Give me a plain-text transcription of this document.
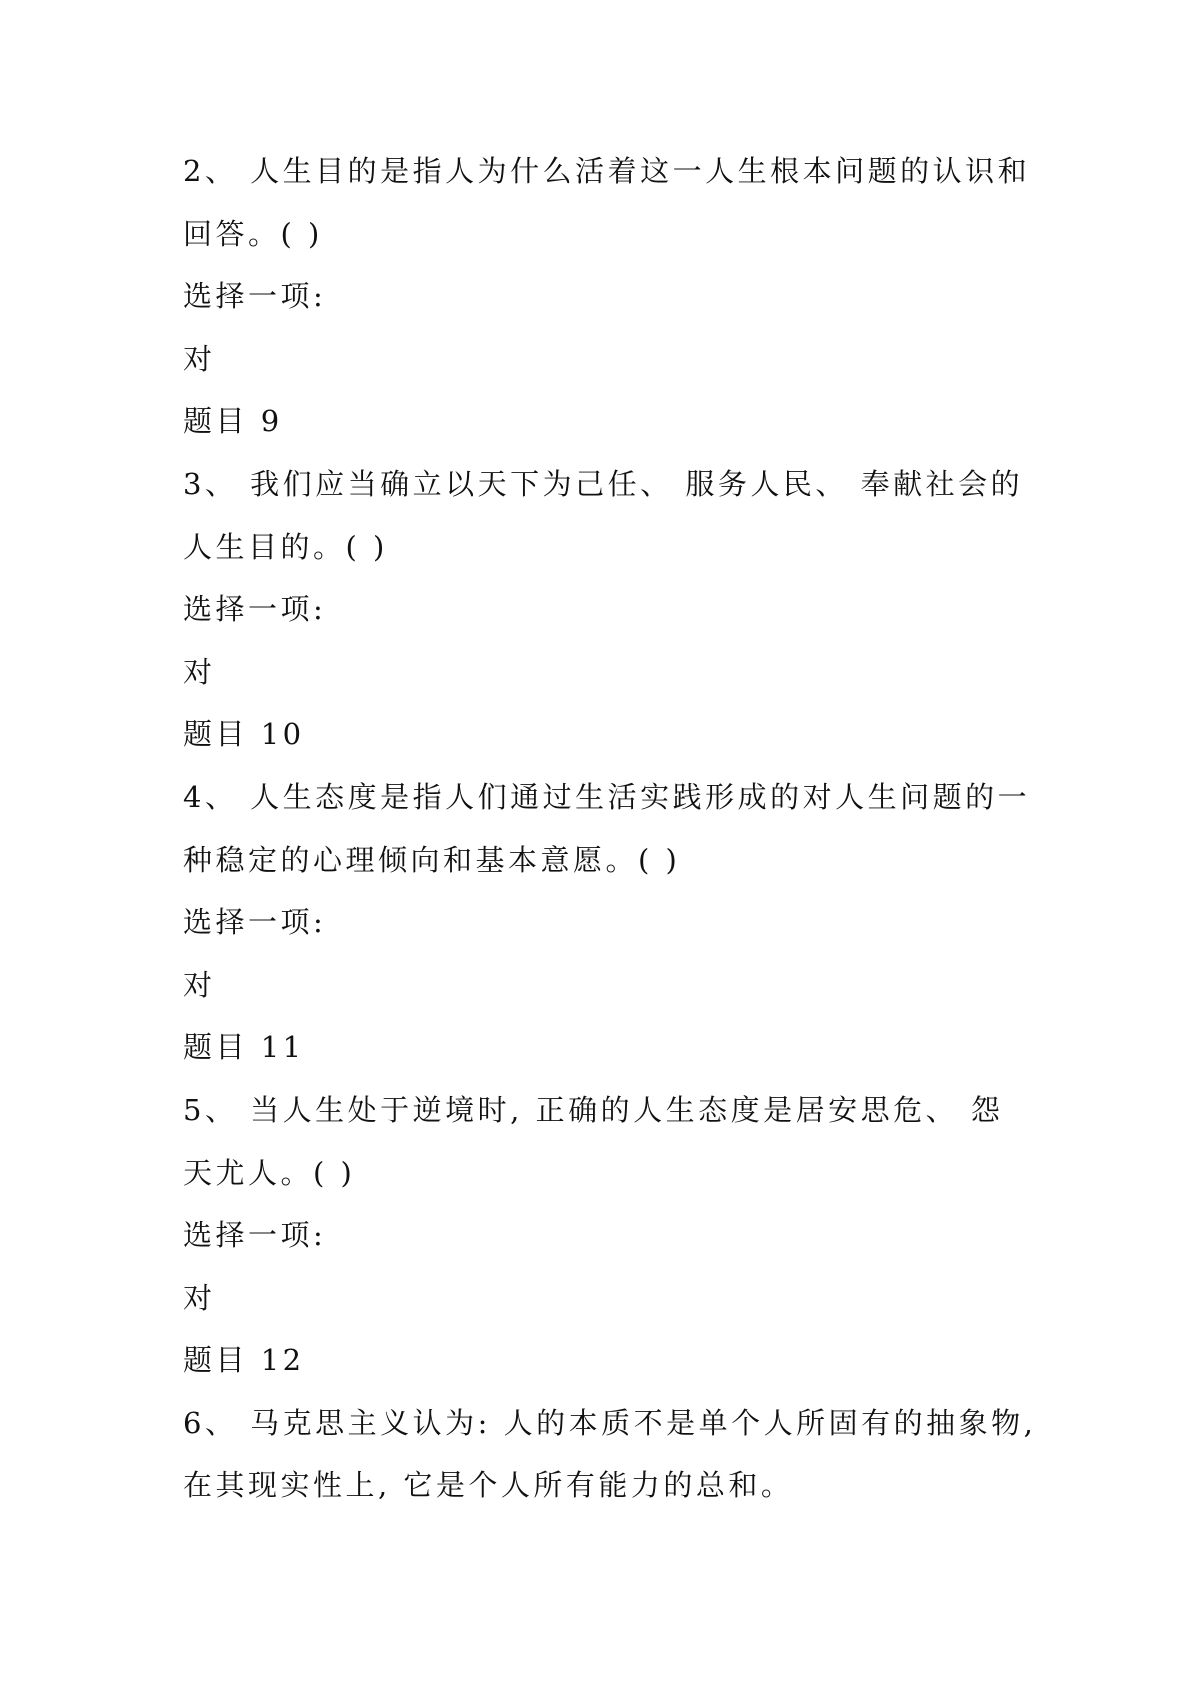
2、 人生目的是指人为什么活着这一人生根本问题的认识和
回答。( )
选择一项:
对
题目 9
3、 我们应当确立以天下为己任、 服务人民、 奉献社会的
人生目的。( )
选择一项:
对
题目 10
4、 人生态度是指人们通过生活实践形成的对人生问题的一
种稳定的心理倾向和基本意愿。( )
选择一项:
对
题目 11
5、 当人生处于逆境时, 正确的人生态度是居安思危、 怨
天尤人。( )
选择一项:
对
题目 12
6、 马克思主义认为: 人的本质不是单个人所固有的抽象物,
在其现实性上, 它是个人所有能力的总和。
